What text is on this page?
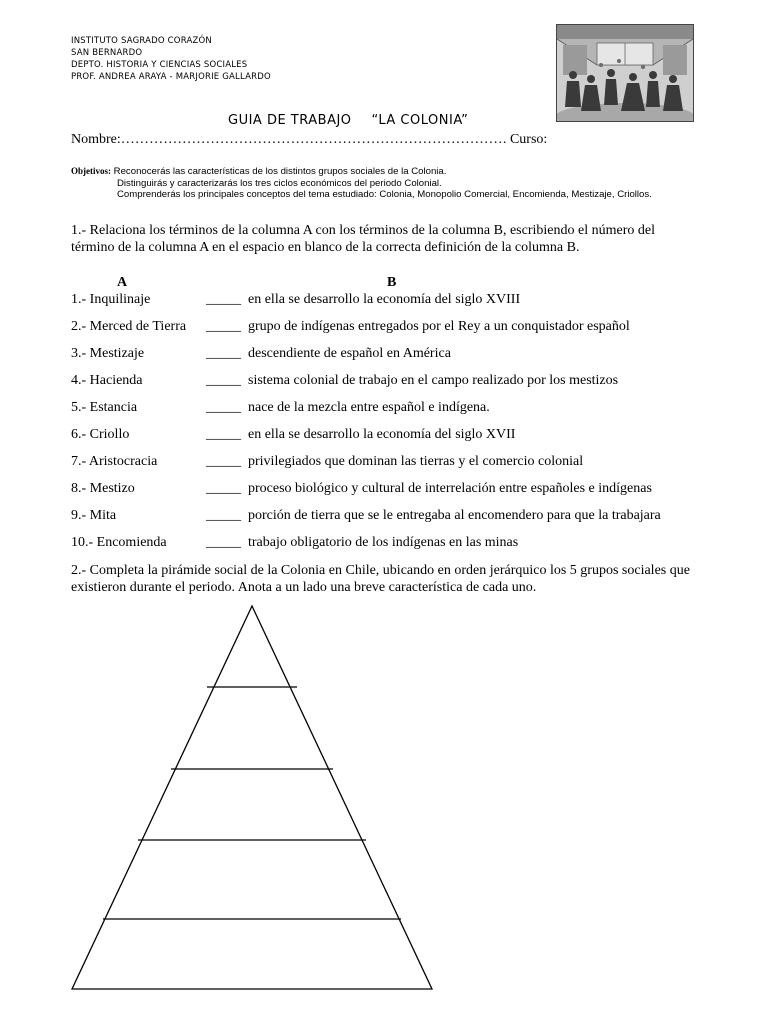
INSTITUTO SAGRADO CORAZÓN
SAN BERNARDO
DEPTO. HISTORIA Y CIENCIAS SOCIALES
PROF. ANDREA ARAYA - MARJORIE GALLARDO
GUIA DE TRABAJO “LA COLONIA”
Nombre:………………………………………………………………………. Curso:
Objetivos: Reconocerás las características de los distintos grupos sociales de la Colonia.
Distinguirás y caracterizarás los tres ciclos económicos del periodo Colonial.
Comprenderás los principales conceptos del tema estudiado: Colonia, Monopolio Comercial, Encomienda, Mestizaje, Criollos.
1.- Relaciona los términos de la columna A con los términos de la columna B, escribiendo el número del término de la columna A en el espacio en blanco de la correcta definición de la columna B.
A	B
1.- Inquilinaje	_____ en ella se desarrollo la economía del siglo XVIII
2.- Merced de Tierra _____ grupo de indígenas entregados por el Rey a un conquistador español
3.- Mestizaje	_____ descendiente de español en América
4.- Hacienda	_____ sistema colonial de trabajo en el campo realizado por los mestizos
5.- Estancia	_____ nace de la mezcla entre español e indígena.
6.- Criollo	_____ en ella se desarrollo la economía del siglo XVII
7.- Aristocracia	_____ privilegiados que dominan las tierras y el comercio colonial
8.- Mestizo	_____ proceso biológico y cultural de interrelación entre españoles e indígenas
9.- Mita	_____ porción de tierra que se le entregaba al encomendero para que la trabajara
10.- Encomienda	_____ trabajo obligatorio de los indígenas en las minas
2.- Completa la pirámide social de la Colonia en Chile, ubicando en orden jerárquico los 5 grupos sociales que existieron durante el periodo. Anota a un lado una breve característica de cada uno.
